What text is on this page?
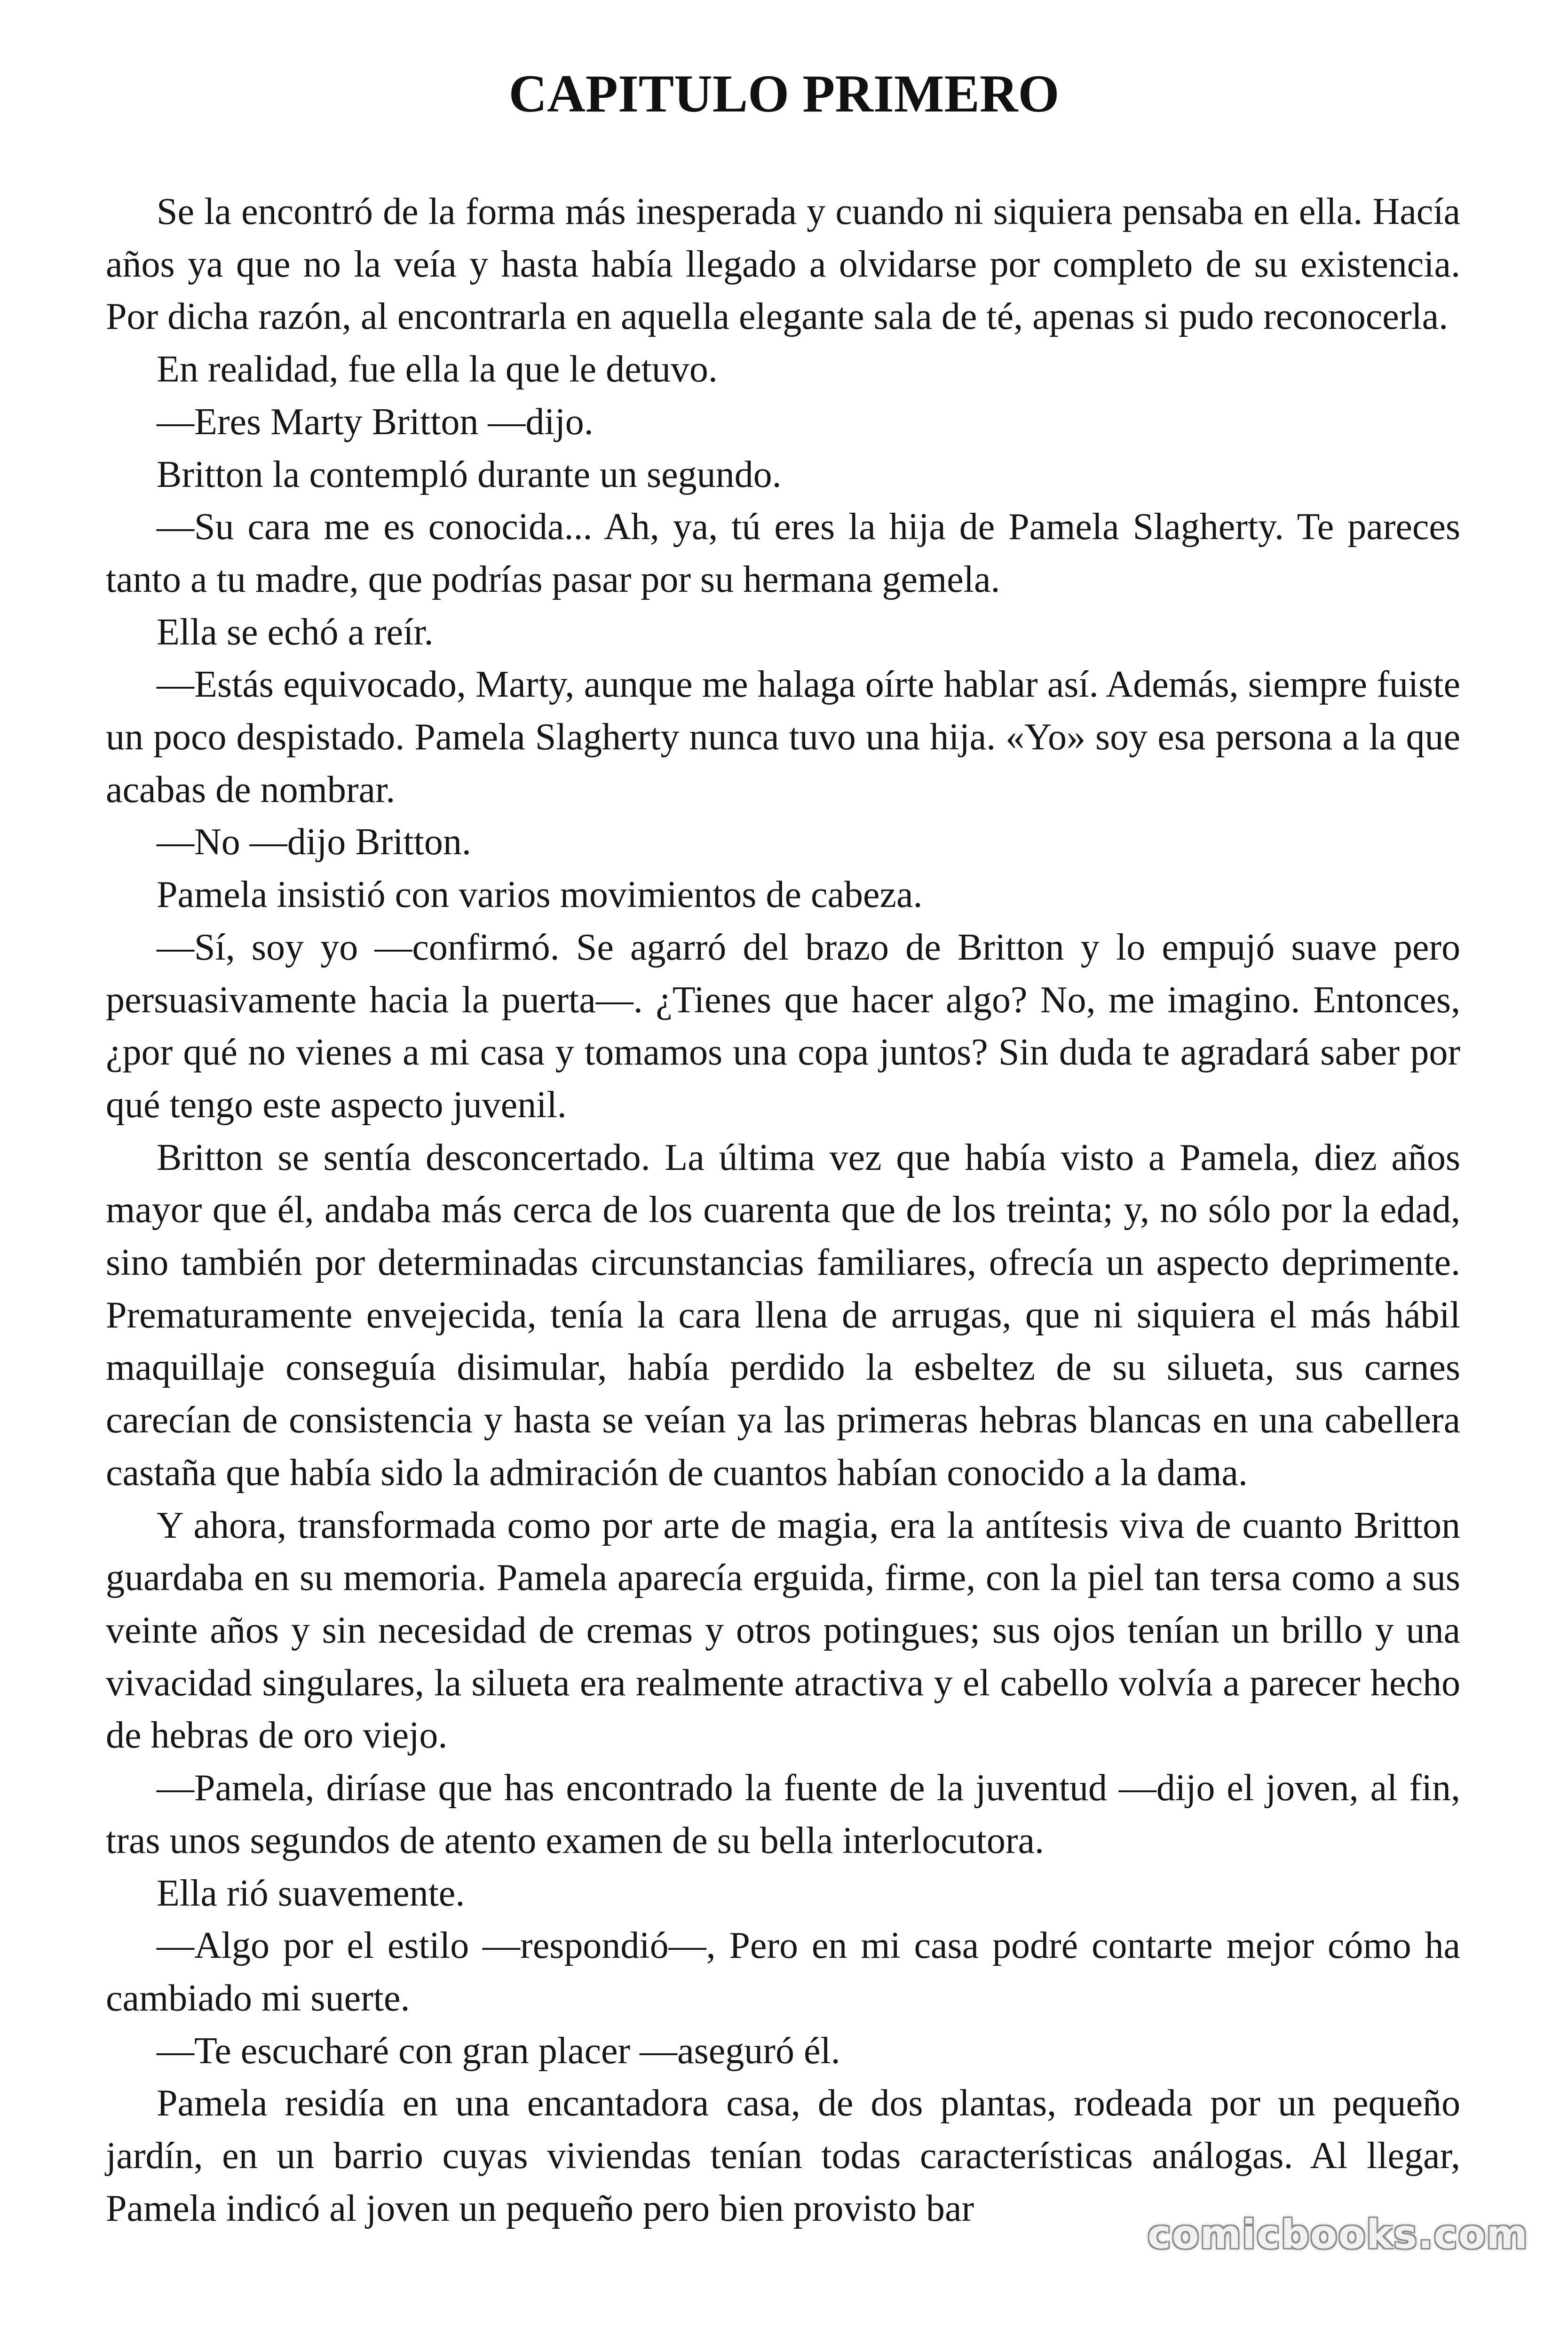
CAPITULO PRIMERO

Se la encontró de la forma más inesperada y cuando ni siquiera pensaba en ella. Hacía años ya que no la veía y hasta había llegado a olvidarse por completo de su existencia. Por dicha razón, al encontrarla en aquella elegante sala de té, apenas si pudo reconocerla.

En realidad, fue ella la que le detuvo.

—Eres Marty Britton —dijo.

Britton la contempló durante un segundo.

—Su cara me es conocida... Ah, ya, tú eres la hija de Pamela Slagherty. Te pareces tanto a tu madre, que podrías pasar por su hermana gemela.

Ella se echó a reír.

—Estás equivocado, Marty, aunque me halaga oírte hablar así. Además, siempre fuiste un poco despistado. Pamela Slagherty nunca tuvo una hija. «Yo» soy esa persona a la que acabas de nombrar.

—No —dijo Britton.

Pamela insistió con varios movimientos de cabeza.

—Sí, soy yo —confirmó. Se agarró del brazo de Britton y lo empujó suave pero persuasivamente hacia la puerta—. ¿Tienes que hacer algo? No, me imagino. Entonces, ¿por qué no vienes a mi casa y tomamos una copa juntos? Sin duda te agradará saber por qué tengo este aspecto juvenil.

Britton se sentía desconcertado. La última vez que había visto a Pamela, diez años mayor que él, andaba más cerca de los cuarenta que de los treinta; y, no sólo por la edad, sino también por determinadas circunstancias familiares, ofrecía un aspecto deprimente. Prematuramente envejecida, tenía la cara llena de arrugas, que ni siquiera el más hábil maquillaje conseguía disimular, había perdido la esbeltez de su silueta, sus carnes carecían de consistencia y hasta se veían ya las primeras hebras blancas en una cabellera castaña que había sido la admiración de cuantos habían conocido a la dama.

Y ahora, transformada como por arte de magia, era la antítesis viva de cuanto Britton guardaba en su memoria. Pamela aparecía erguida, firme, con la piel tan tersa como a sus veinte años y sin necesidad de cremas y otros potingues; sus ojos tenían un brillo y una vivacidad singulares, la silueta era realmente atractiva y el cabello volvía a parecer hecho de hebras de oro viejo.

—Pamela, diríase que has encontrado la fuente de la juventud —dijo el joven, al fin, tras unos segundos de atento examen de su bella interlocutora.

Ella rió suavemente.

—Algo por el estilo —respondió—, Pero en mi casa podré contarte mejor cómo ha cambiado mi suerte.

—Te escucharé con gran placer —aseguró él.

Pamela residía en una encantadora casa, de dos plantas, rodeada por un pequeño jardín, en un barrio cuyas viviendas tenían todas características análogas. Al llegar, Pamela indicó al joven un pequeño pero bien provisto bar

comicbooks.com
